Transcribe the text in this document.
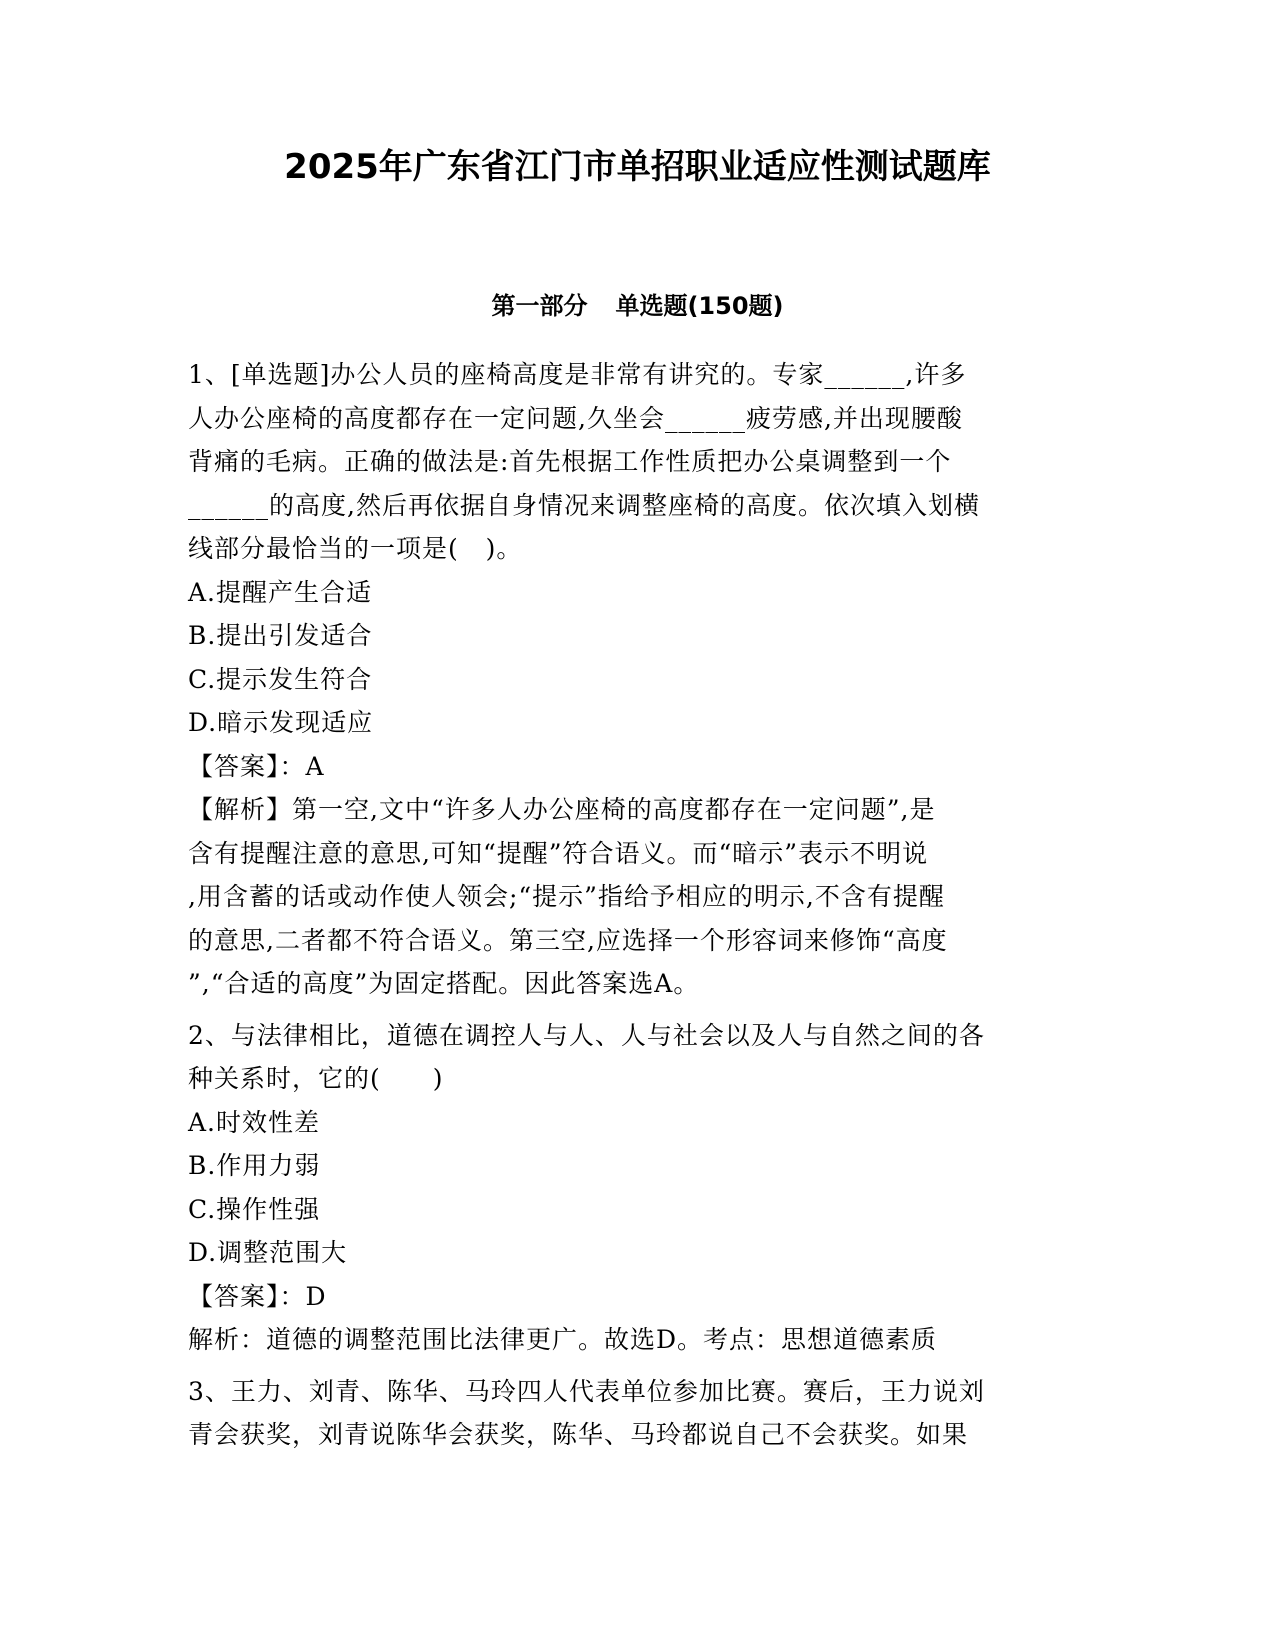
2025年广东省江门市单招职业适应性测试题库
第一部分 单选题(150题)
1、[单选题]办公人员的座椅高度是非常有讲究的。专家______,许多
人办公座椅的高度都存在一定问题,久坐会______疲劳感,并出现腰酸
背痛的毛病。正确的做法是:首先根据工作性质把办公桌调整到一个
______的高度,然后再依据自身情况来调整座椅的高度。依次填入划横
线部分最恰当的一项是(   )。
A.提醒产生合适
B.提出引发适合
C.提示发生符合
D.暗示发现适应
【答案】：A
【解析】第一空,文中“许多人办公座椅的高度都存在一定问题”,是
含有提醒注意的意思,可知“提醒”符合语义。而“暗示”表示不明说
,用含蓄的话或动作使人领会;“提示”指给予相应的明示,不含有提醒
的意思,二者都不符合语义。第三空,应选择一个形容词来修饰“高度
”,“合适的高度”为固定搭配。因此答案选A。
2、与法律相比，道德在调控人与人、人与社会以及人与自然之间的各
种关系时，它的(　　)
A.时效性差
B.作用力弱
C.操作性强
D.调整范围大
【答案】：D
解析：道德的调整范围比法律更广。故选D。考点：思想道德素质
3、王力、刘青、陈华、马玲四人代表单位参加比赛。赛后，王力说刘
青会获奖，刘青说陈华会获奖，陈华、马玲都说自己不会获奖。如果
